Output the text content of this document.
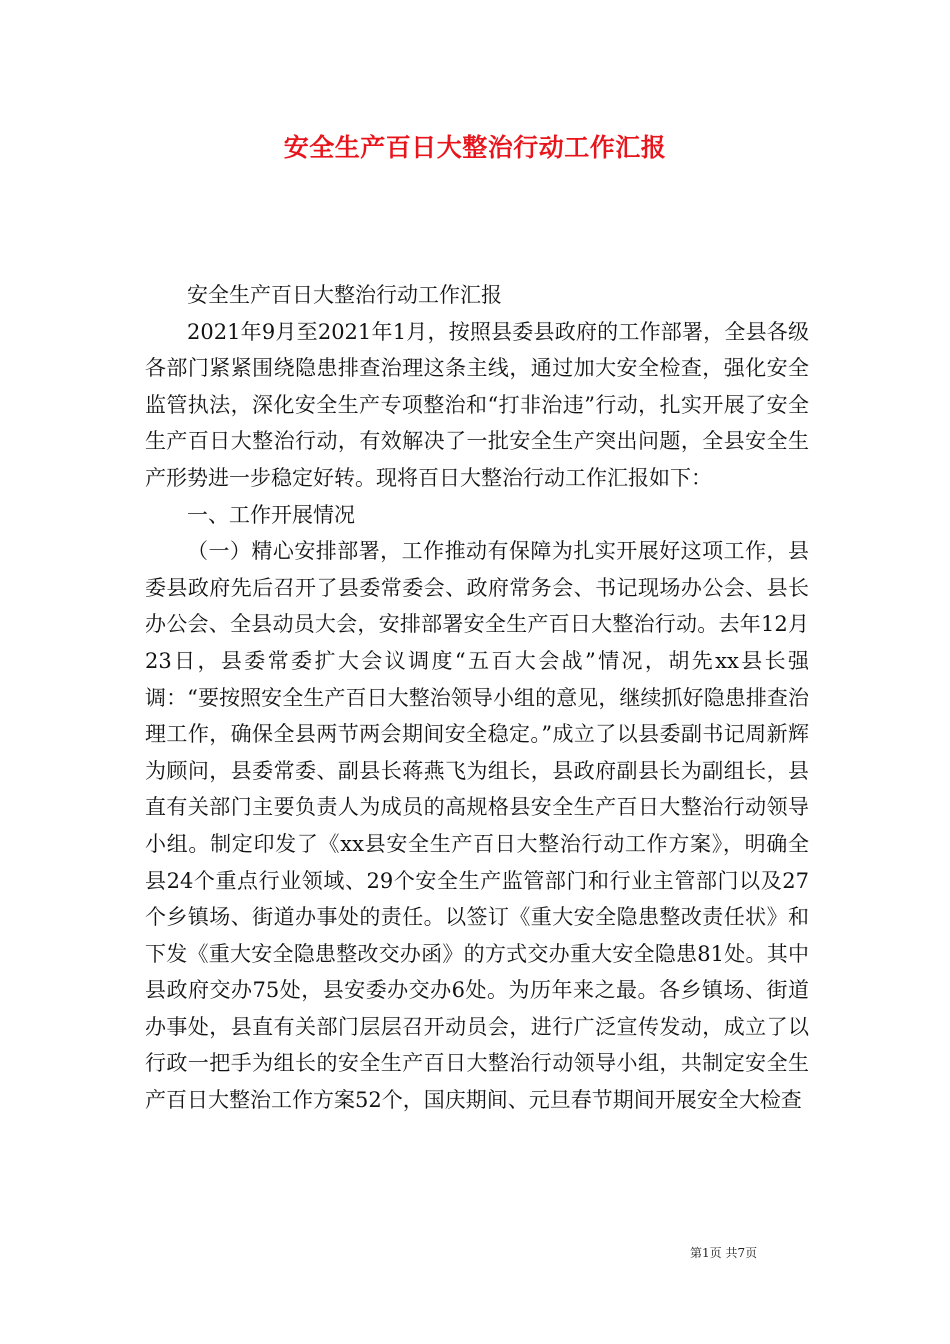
安全生产百日大整治行动工作汇报

安全生产百日大整治行动工作汇报

2021年9月至2021年1月，按照县委县政府的工作部署，全县各级各部门紧紧围绕隐患排查治理这条主线，通过加大安全检查，强化安全监管执法，深化安全生产专项整治和“打非治违”行动，扎实开展了安全生产百日大整治行动，有效解决了一批安全生产突出问题，全县安全生产形势进一步稳定好转。现将百日大整治行动工作汇报如下：

一、工作开展情况

（一）精心安排部署，工作推动有保障为扎实开展好这项工作，县委县政府先后召开了县委常委会、政府常务会、书记现场办公会、县长办公会、全县动员大会，安排部署安全生产百日大整治行动。去年12月23日，县委常委扩大会议调度“五百大会战”情况，胡先xx县长强调：“要按照安全生产百日大整治领导小组的意见，继续抓好隐患排查治理工作，确保全县两节两会期间安全稳定。”成立了以县委副书记周新辉为顾问，县委常委、副县长蒋燕飞为组长，县政府副县长为副组长，县直有关部门主要负责人为成员的高规格县安全生产百日大整治行动领导小组。制定印发了《xx县安全生产百日大整治行动工作方案》，明确全县24个重点行业领域、29个安全生产监管部门和行业主管部门以及27个乡镇场、街道办事处的责任。以签订《重大安全隐患整改责任状》和下发《重大安全隐患整改交办函》的方式交办重大安全隐患81处。其中县政府交办75处，县安委办交办6处。为历年来之最。各乡镇场、街道办事处，县直有关部门层层召开动员会，进行广泛宣传发动，成立了以行政一把手为组长的安全生产百日大整治行动领导小组，共制定安全生产百日大整治工作方案52个，国庆期间、元旦春节期间开展安全大检查

第1页 共7页
